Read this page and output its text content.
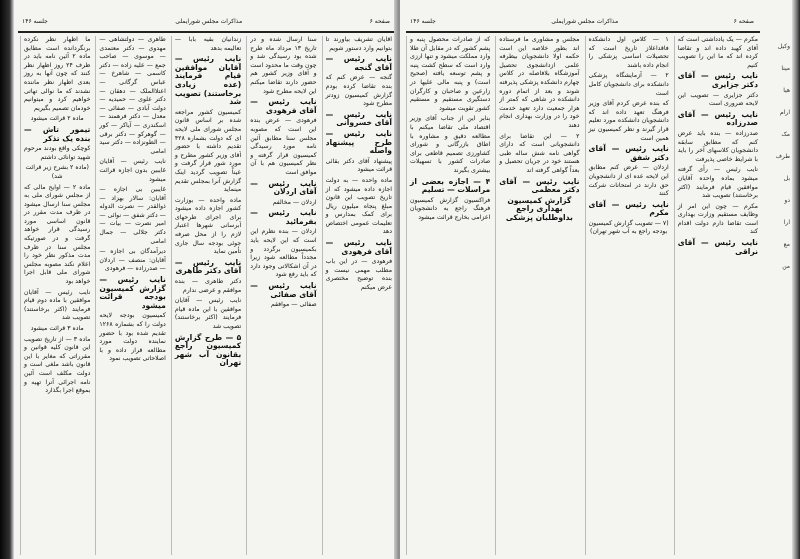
صفحه ۶
مذاکرات مجلس شورایملی
جلسه ۱۴۶

ما اظهار نظر نکرده برنگردانده است مطابق ماده ۲ آئین نامه باید در ظرف ۲۴ روز اظهار نظر کنند که چون آنها به روز بعدی اظهار نظر ماننده نشدند که ما نوالی تهاتی خواهیم کرد و میتوانیم خودمان تصمیم بگیریم

ماده ۲ قرائت میشود

تیمور تاش — بنده یک تذکر

کوچکی واقع بودند مرحوم شهید توانائی داشتم

(ماده ۲ بشرح زیر قرائت شد)

ماده ۲ — اوایح مالی که از مجلس شورای ملی به مجلس سنا ارسال میشود در ظرف مدت مقرر در قانون اساسی مورد رسیدگی قرار خواهد گرفت و در صورتیکه مجلس سنا در ظرف مدت مذکور نظر خود را اعلام نکند مصوبه مجلس شورای ملی قابل اجرا خواهد بود

نایب رئیس — آقایان موافقین با ماده دوم قیام فرمایند (اکثر برخاستند) تصویب شد

ماده ۳ قرائت میشود

ماده ۳ — از تاریخ تصویب این قانون کلیه قوانین و مقرراتی که مغایر با این قانون باشد ملغی است و دولت مکلف است آئین نامه اجرائی آنرا تهیه و بموقع اجرا بگذارد

طاهری — دولتشاهی — مهدوی — دکتر معتمدی — موسوی — صاحب جمع — علیه زاده — دکتر کاسمی — شاهرخ — عباس گرگانی — اعتلاالملک — دهقان — دکتر علوی — حمیدیه — دولت آبادی — صفائی — معدل — دکتر فرهمند — اسکندری — آیاکر — کور — گوهرکو — دکتر برقی — الطونزاده — دکتر سید امامی

نایب رئیس — آقایان غایبین بدون اجازه قرائت میشود

غایبین بی اجازه — آقایان: سالار بهزاد — ذوالقدر — نصرت الدوله — دکتر شفق — نوائی — امیر نصرت — بیات — دکتر جلالی — جمال امامی

دیرآمدگان بی اجازه — آقایان: منصف — اردلان — صدرزاده — فرهودی

نایب رئیس — گزارش کمیسیون بودجه قرائت میشود

کمیسیون بودجه لایحه دولت را که بشماره ۱۲۶۸ تقدیم شده بود با حضور نماینده دولت مورد مطالعه قرار داده و با اصلاحاتی تصویب نمود

زندانیان بقیه بابا — تعالیمه بدهد

نایب رئیس — آقایان موافقین قیام فرمایند (عده زیادی برخاستند) تصویب شد

کمیسیون کشور مراجعه شده بر اساس قانون مجلس شورای ملی لایحه ای که دولت بشماره ۴۲۸ تقدیم داشته با حضور آقای وزیر کشور مطرح و مورد شور قرار گرفت و عیناً تصویب گردید اینک گزارش آنرا بمجلس تقدیم مینماید

ماده واحده — بوزارت کشور اجازه داده میشود برای اجرای طرحهای آبرسانی شهرها اعتبار لازم را از محل صرفه جوئی بودجه سال جاری تأمین نماید

نایب رئیس — آقای دکتر طاهری

دکتر طاهری — بنده موافقم و عرضی ندارم

نایب رئیس — آقایان موافقین با این ماده قیام فرمایند (اکثر برخاستند) تصویب شد

۵ — طرح گزارش کمیسیون راجع بقانون آب شهر تهران

سنا ارسال شده و در تاریخ ۱۳ مرداد ماه طرح شده بود رسیدگی شد و چون وقت ما محدود است و آقای وزیر کشور هم حضور دارند تقاضا میکنم این لایحه مطرح شود

نایب رئیس — آقای فرهودی

فرهودی — عرض بنده این است که مصوبه مجلس سنا مطابق آئین نامه مورد رسیدگی کمیسیون قرار گرفته و نظر کمیسیون هم با آن موافق است

نایب رئیس — آقای اردلان

اردلان — مخالفم

نایب رئیس — بفرمائید

اردلان — بنده نظرم این است که این لایحه باید بکمیسیون برگردد و مجدداً مطالعه شود زیرا در آن اشکالاتی وجود دارد که باید رفع شود

نایب رئیس — آقای صفائی

صفائی — موافقم

آقایان تشریف بیاورند تا بتوانیم وارد دستور شویم

نایب رئیس — آقای گنجه

گنجه — عرض کنم که بنده تقاضا کرده بودم گزارش کمیسیون زودتر مطرح شود

نایب رئیس — آقای خسروانی

نایب رئیس — طرح پیشنهاد واصله

پیشنهاد آقای دکتر بقائی قرائت میشود

ماده واحده — به دولت اجازه داده میشود که از تاریخ تصویب این قانون مبلغ پنجاه میلیون ریال برای کمک بمدارس و تعلیمات عمومی اختصاص دهد

نایب رئیس — آقای فرهودی

فرهودی — در این باب مطلب مهمی نیست و بنده توضیح مختصری عرض میکنم

صفحه ۶
مذاکرات مجلس شورایملی
جلسه ۱۴۶

که از صادرات محصول پنبه و پشم کشور که در مقابل آن طلا وارد مملکت میشود و تنها ارزی وارد است که سطح کشت پنبه و پشم توسعه یافته (صحیح است) و پنبه مالی علیها در زارعین و صاحبان و کارگران دستگیری مستقیم و مستقیم کشور تقویت میشود

بنابر این از جناب آقای وزیر اقتصاد ملی تقاضا میکنم با مطالعه دقیق و مشاوره با اطاق بازرگانی و شورای کشاورزی تصمیم قاطعی برای صادرات کشور با تسهیلات بیشتری بگیرند

۴ — اجازه بعضی از مراسلات — تسلیم

فراکسیون گزارش کمیسیون فرهنگ راجع به دانشجویان اعزامی بخارج قرائت میشود

مجلس و مشاوری ما فرستاده اند بطور خلاصه این است حکمه اولا دانشجویان بیطرفه علمی ازدانشجوی تحصیل آموزشگاه بلافاصله در کلاس چهارم دانشکده پزشکی پذیرفته شوند و بعد از اتمام دوره دانشکده در شاهی که کمتر از هزار جمعیت دارد تعهد خدمت خود را در وزارت بهداری انجام دهند

۲ — این تقاضا برای دانشجویانی است که دارای گواهی نامه شش ساله طبی هستند خود در جریان تحصیل و بعداً گواهی گرفته اند

نایب رئیس — آقای دکتر معظمی

گزارش کمیسیون بهداری راجع بداوطلبان پزشکی

۱ — کلاس اول دانشکده فاقداعلاز تاریخ است که تحصیلات اساسی پزشکی را انجام داده باشند

۲ — آزمایشگاه پزشکی دانشکده برای دانشجویان کامل است

که بنده عرض کردم آقای وزیر فرهنگ تعهد داده اند که دانشجویان دانشکده مورد تعلیم قرار گیرند و نظر کمیسیون نیز همین است

نایب رئیس — آقای دکتر شفق

اردلان — عرض کنم مطابق این لایحه عده ای از دانشجویان حق دارند در امتحانات شرکت کنند

نایب رئیس — آقای مکرم

(۷ — تصویب گزارش کمیسیون بودجه راجع به آب شهر تهران)

مکرم — یک یادداشتی است که آقای کهبد داده اند و تقاضا کرده اند که ما این را تصویب کنیم

نایب رئیس — آقای دکتر جزایری

دکتر جزایری — تصویب این لایحه ضروری است

نایب رئیس — آقای صدرزاده

صدرزاده — بنده باید عرض کنم که مطابق سابقه دانشجویان کلاسهای آخر را باید با شرایط خاصی پذیرفت

نایب رئیس — رأی گرفته میشود بماده واحده آقایان موافقین قیام فرمایند (اکثر برخاستند) تصویب شد

مکرم — چون این امر از وظایف مستقیم وزارت بهداری است تقاضا دارم دولت اقدام کند

نایب رئیس — آقای نراقی

وکیل
مینا
هیا
ارام
مک
طرف
بل
دو
ارا
مع
من
